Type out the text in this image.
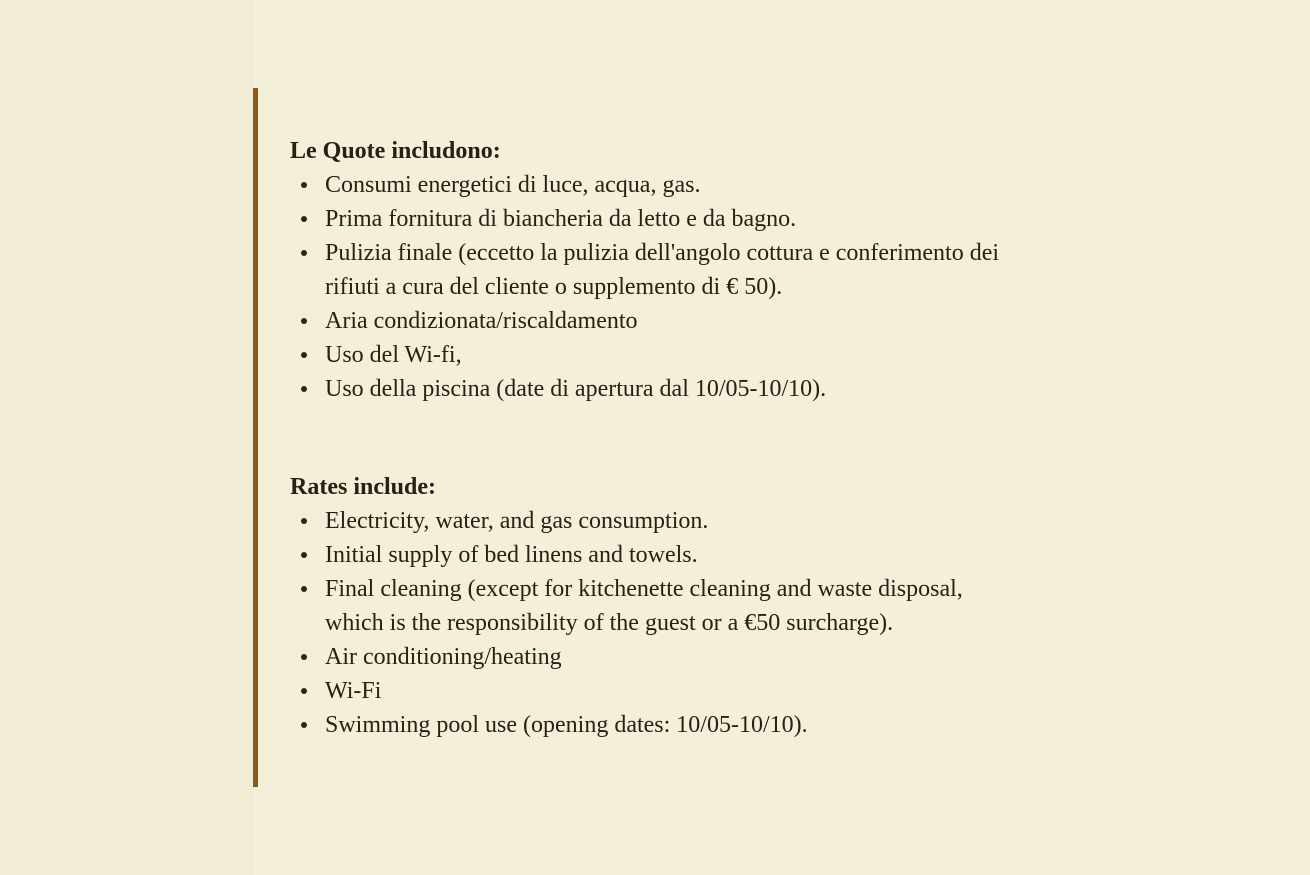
Le Quote includono:

Consumi energetici di luce, acqua, gas.
Prima fornitura di biancheria da letto e da bagno.
Pulizia finale (eccetto la pulizia dell'angolo cottura e conferimento dei
rifiuti a cura del cliente o supplemento di € 50).
Aria condizionata/riscaldamento
Uso del Wi-fi,
Uso della piscina (date di apertura dal 10/05-10/10).

Rates include:

Electricity, water, and gas consumption.
Initial supply of bed linens and towels.
Final cleaning (except for kitchenette cleaning and waste disposal,
which is the responsibility of the guest or a €50 surcharge).
Air conditioning/heating
Wi-Fi
Swimming pool use (opening dates: 10/05-10/10).
